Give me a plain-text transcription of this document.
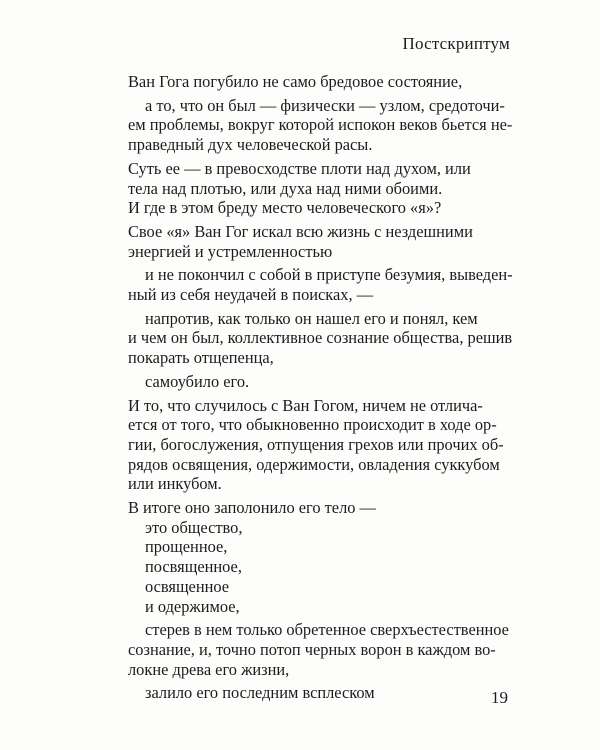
Постскриптум
Ван Гога погубило не само бредовое состояние,
а то, что он был — физически — узлом, средоточи-
ем проблемы, вокруг которой испокон веков бьется не-
праведный дух человеческой расы.
Суть ее — в превосходстве плоти над духом, или
тела над плотью, или духа над ними обоими.
И где в этом бреду место человеческого «я»?
Свое «я» Ван Гог искал всю жизнь с нездешними
энергией и устремленностью
и не покончил с собой в приступе безумия, выведен-
ный из себя неудачей в поисках, —
напротив, как только он нашел его и понял, кем
и чем он был, коллективное сознание общества, решив
покарать отщепенца,
самоубило его.
И то, что случилось с Ван Гогом, ничем не отлича-
ется от того, что обыкновенно происходит в ходе ор-
гии, богослужения, отпущения грехов или прочих об-
рядов освящения, одержимости, овладения суккубом
или инкубом.
В итоге оно заполонило его тело —
это общество,
прощенное,
посвященное,
освященное
и одержимое,
стерев в нем только обретенное сверхъестественное
сознание, и, точно потоп черных ворон в каждом во-
локне древа его жизни,
залило его последним всплеском	19
